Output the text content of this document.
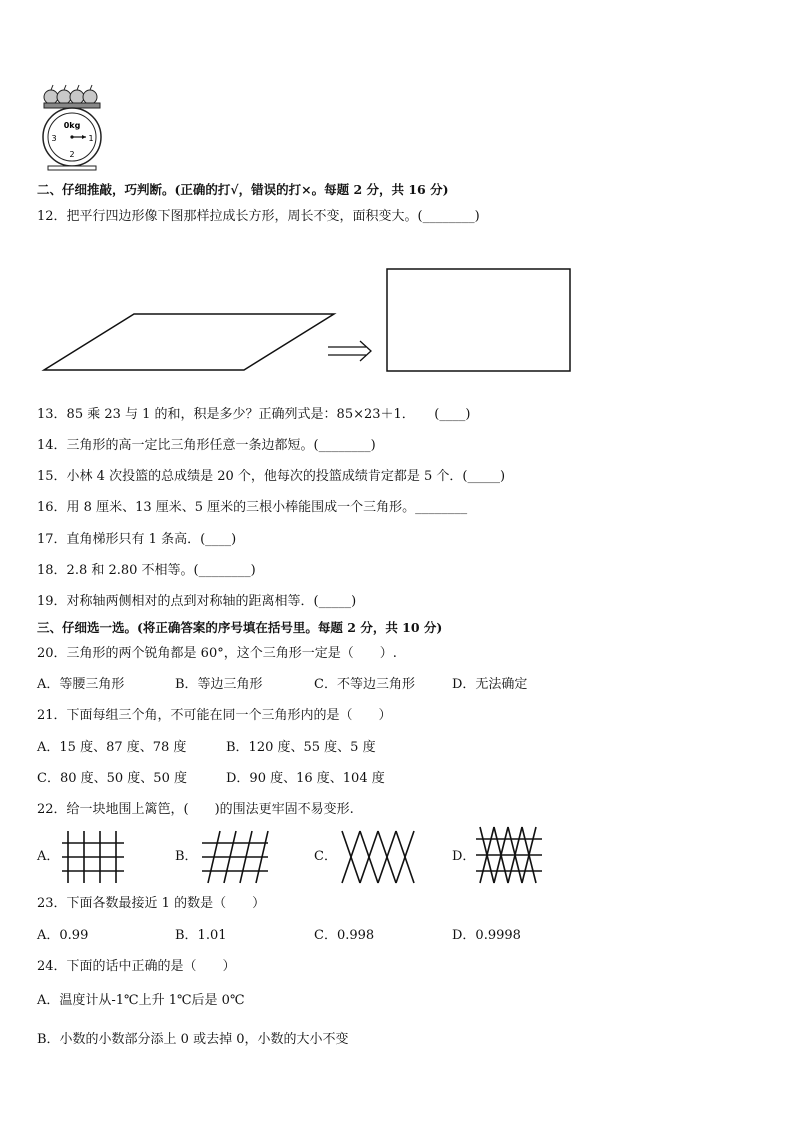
0kg
3	1
2
二、仔细推敲，巧判断。(正确的打√，错误的打×。每题 2 分，共 16 分)
12．把平行四边形像下图那样拉成长方形，周长不变，面积变大。(________)
13．85 乘 23 与 1 的和，积是多少？正确列式是：85×23＋1．　　(____)
14．三角形的高一定比三角形任意一条边都短。(________)
15．小林 4 次投篮的总成绩是 20 个，他每次的投篮成绩肯定都是 5 个．(_____)
16．用 8 厘米、13 厘米、5 厘米的三根小棒能围成一个三角形。________
17．直角梯形只有 1 条高．(____)
18．2.8 和 2.80 不相等。(________)
19．对称轴两侧相对的点到对称轴的距离相等．(_____)
三、仔细选一选。(将正确答案的序号填在括号里。每题 2 分，共 10 分)
20．三角形的两个锐角都是 60°，这个三角形一定是（　　）.
A．等腰三角形	B．等边三角形	C．不等边三角形	D．无法确定
21．下面每组三个角，不可能在同一个三角形内的是（　　）
A．15 度、87 度、78 度	B．120 度、55 度、5 度
C．80 度、50 度、50 度	D．90 度、16 度、104 度
22．给一块地围上篱笆，(　　)的围法更牢固不易变形.
A．	B．	C．	D．
23．下面各数最接近 1 的数是（　　）
A．0.99	B．1.01	C．0.998	D．0.9998
24．下面的话中正确的是（　　）
A．温度计从-1℃上升 1℃后是 0℃
B．小数的小数部分添上 0 或去掉 0，小数的大小不变
